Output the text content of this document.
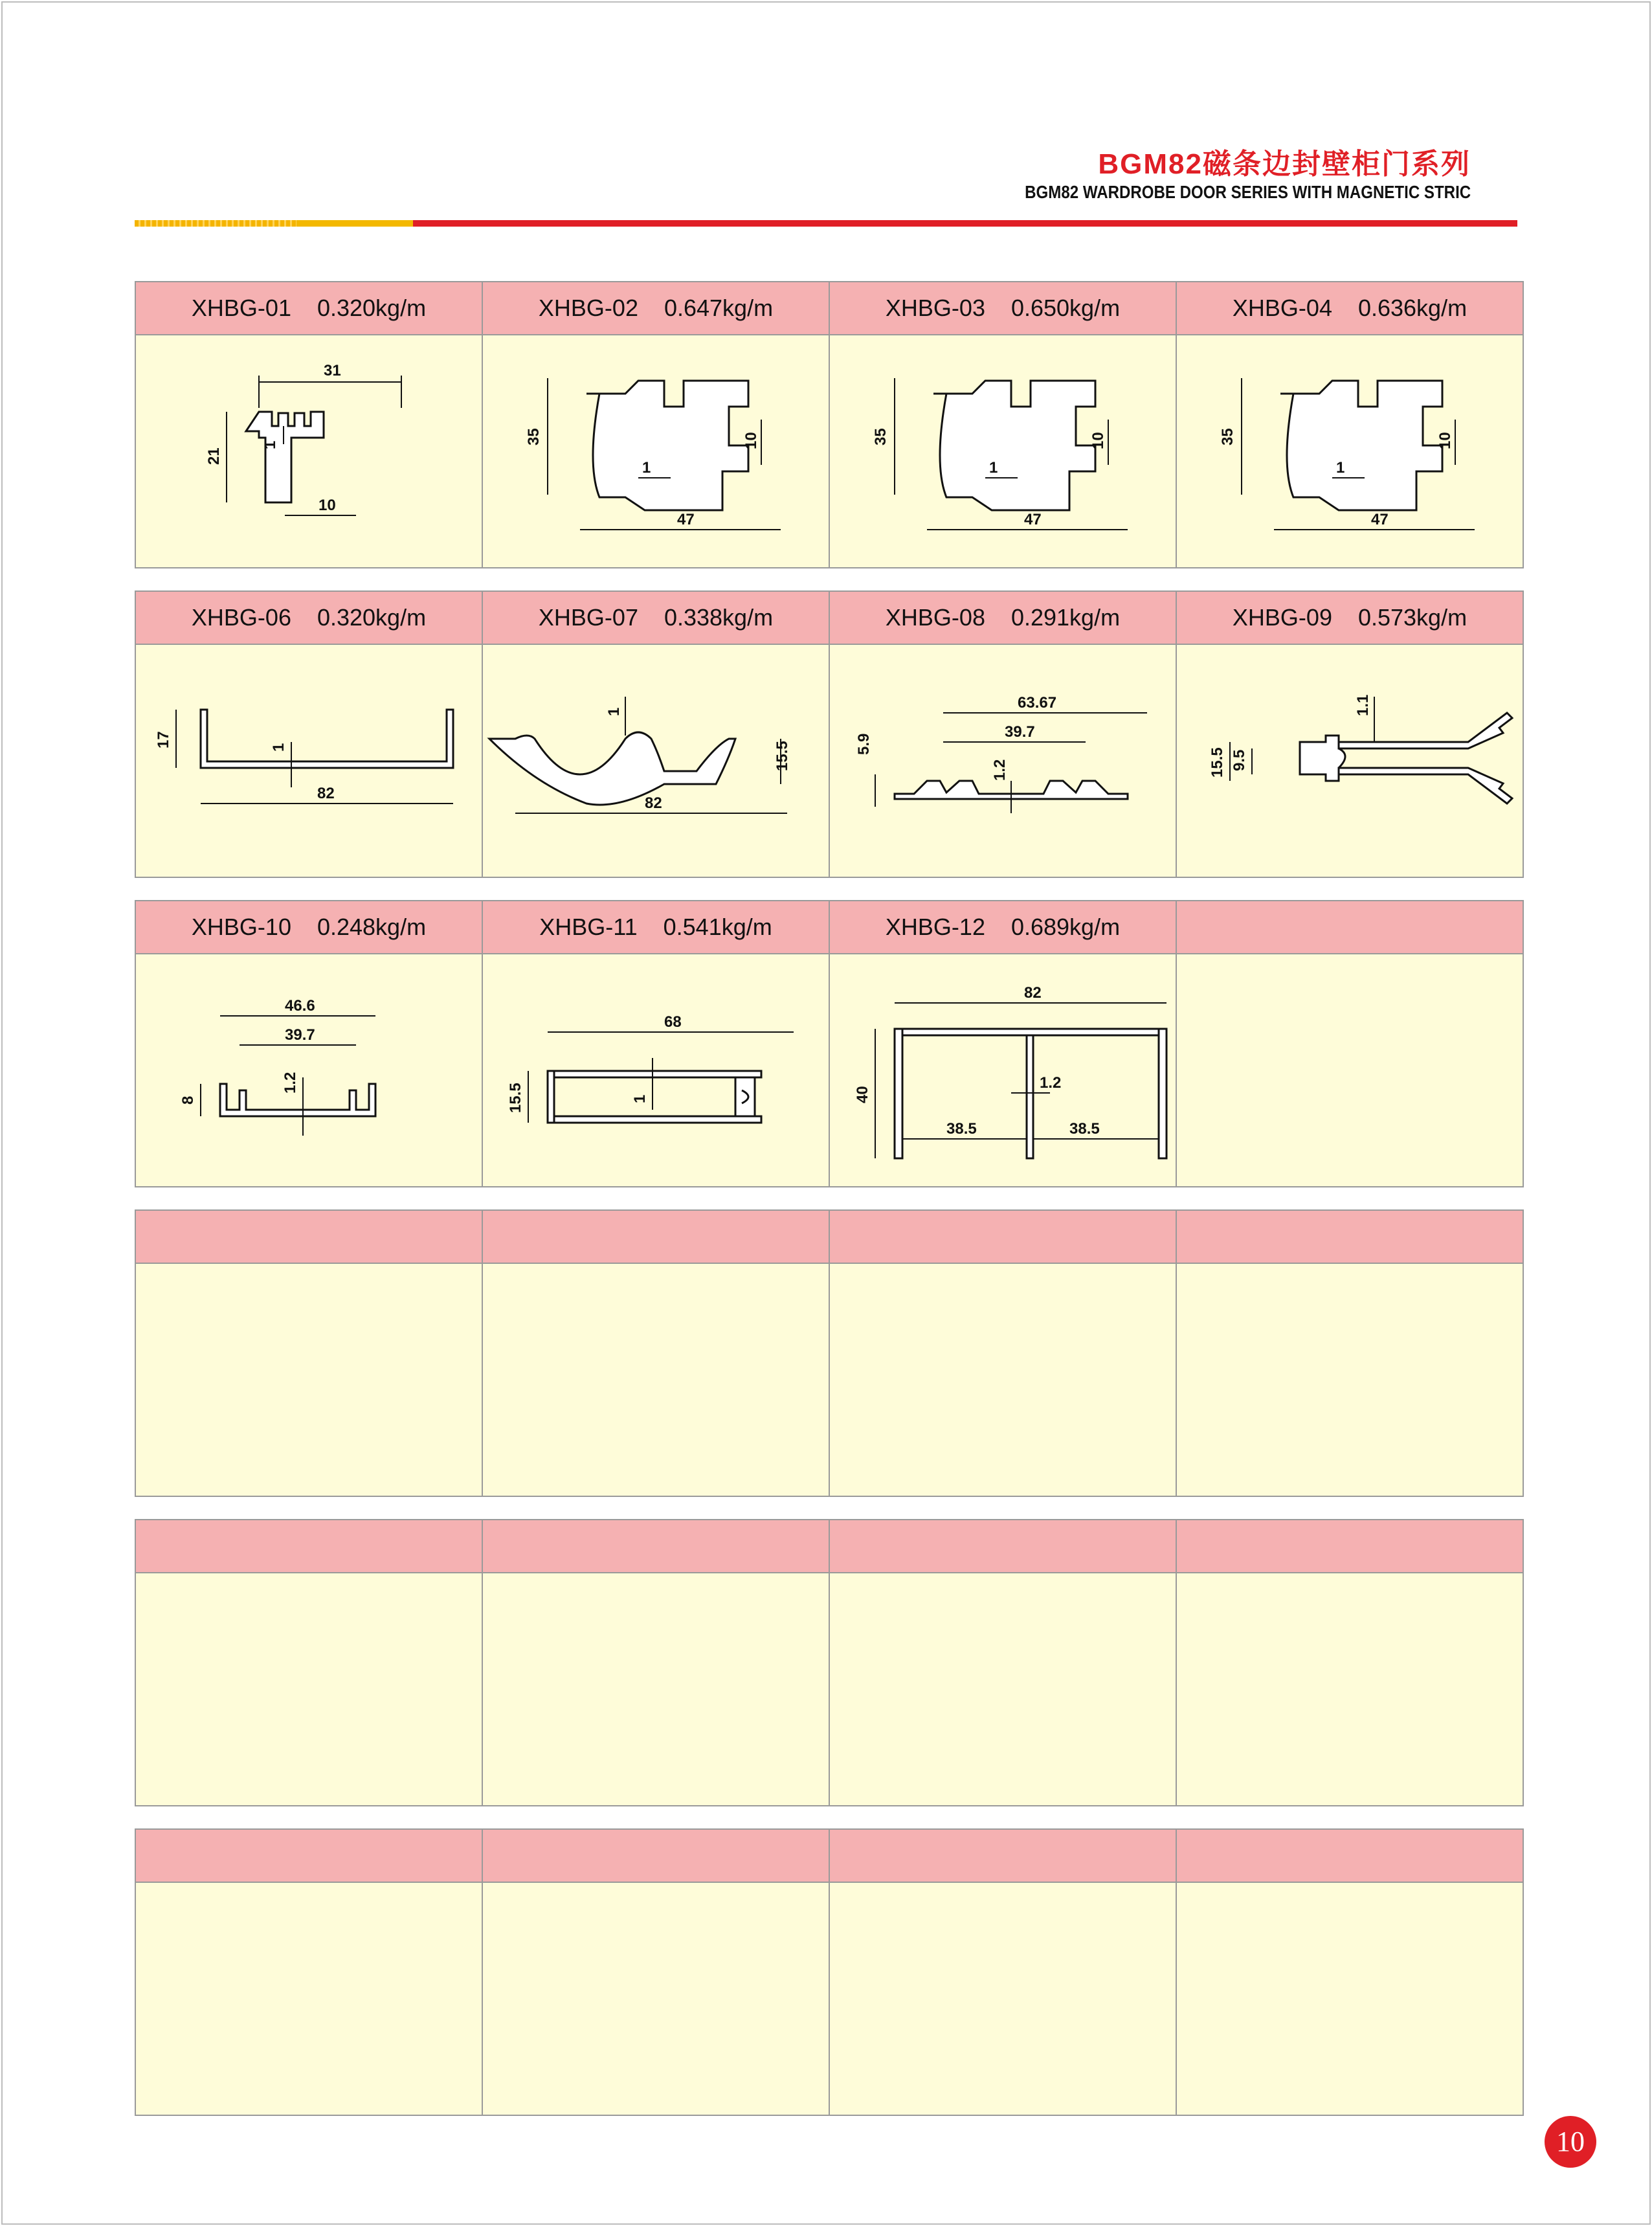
BGM82磁条边封壁柜门系列
BGM82 WARDROBE DOOR SERIES WITH MAGNETIC STRIC
XHBG-01    0.320kg/m	XHBG-02    0.647kg/m	XHBG-03    0.650kg/m	XHBG-04    0.636kg/m

31
21
1
10	35 10
1
47	35 10
1
47	35 10
1
47
XHBG-06    0.320kg/m	XHBG-07    0.338kg/m	XHBG-08    0.291kg/m	XHBG-09    0.573kg/m

17 1
82	1
15.5
82	63.67
39.7
5.9
1.2	1.1
15.5 9.5
XHBG-10    0.248kg/m	XHBG-11    0.541kg/m	XHBG-12    0.689kg/m	

46.6
39.7
8
1.2	68
15.5 1	82
40
1.2
38.5 38.5	

10
